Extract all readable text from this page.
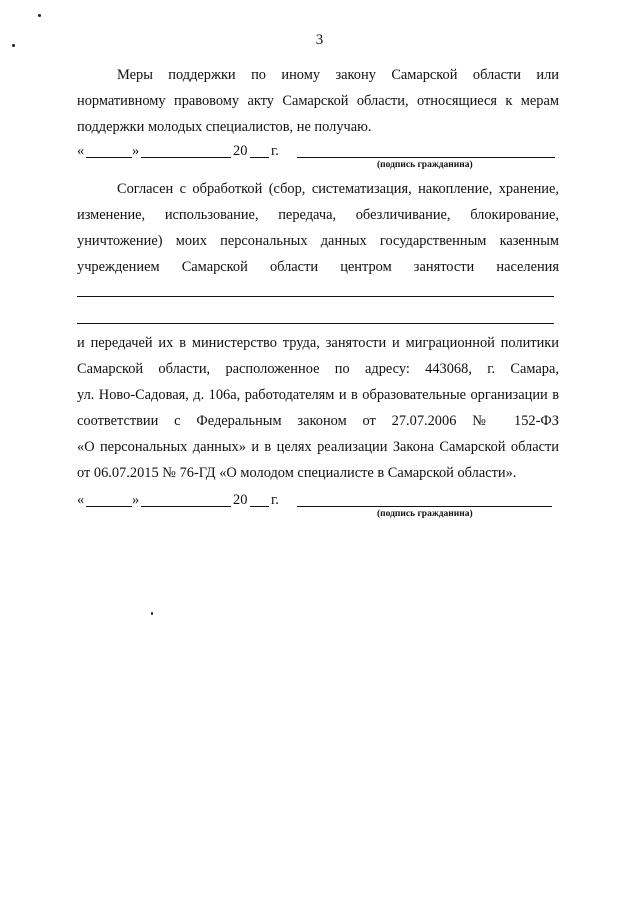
3
Меры поддержки по иному закону Самарской области или
нормативному правовому акту Самарской области, относящиеся к мерам
поддержки молодых специалистов, не получаю.
«	»	20 г.
(подпись гражданина)
Согласен с обработкой (сбор, систематизация, накопление, хранение,
изменение, использование, передача, обезличивание, блокирование,
уничтожение) моих персональных данных государственным казенным
учреждением Самарской области центром занятости населения
и передачей их в министерство труда, занятости и миграционной политики
Самарской области, расположенное по адресу: 443068, г. Самара,
ул. Ново-Садовая, д. 106а, работодателям и в образовательные организации в
соответствии с Федеральным законом от 27.07.2006 № 152-ФЗ
«О персональных данных» и в целях реализации Закона Самарской области
от 06.07.2015 № 76-ГД «О молодом специалисте в Самарской области».
«	»	20 г.
(подпись гражданина)
